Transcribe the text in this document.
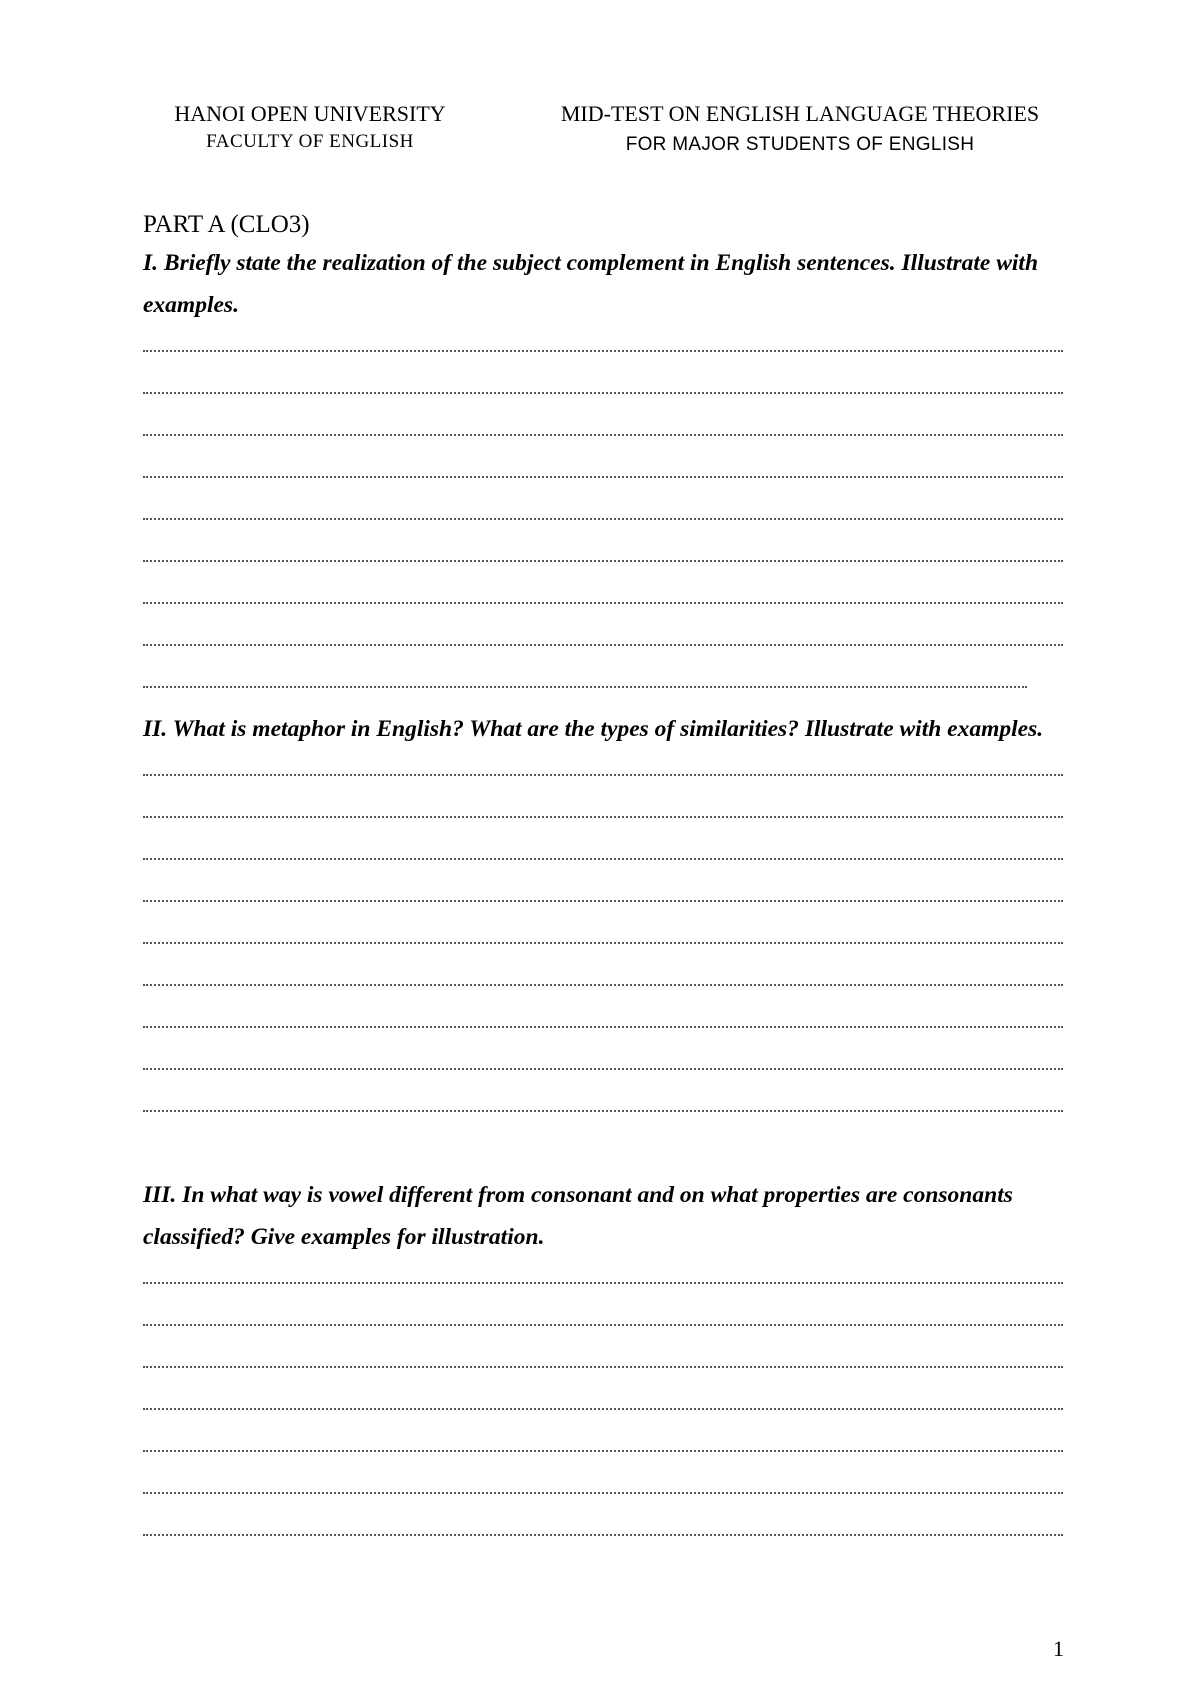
HANOI OPEN UNIVERSITY
FACULTY OF ENGLISH
MID-TEST ON ENGLISH LANGUAGE THEORIES
FOR MAJOR STUDENTS OF ENGLISH
PART A (CLO3)
I. Briefly state the realization of the subject complement in English sentences. Illustrate with examples.
II. What is metaphor in English? What are the types of similarities? Illustrate with examples.
III. In what way is vowel different from consonant and on what properties are consonants classified? Give examples for illustration.
1
